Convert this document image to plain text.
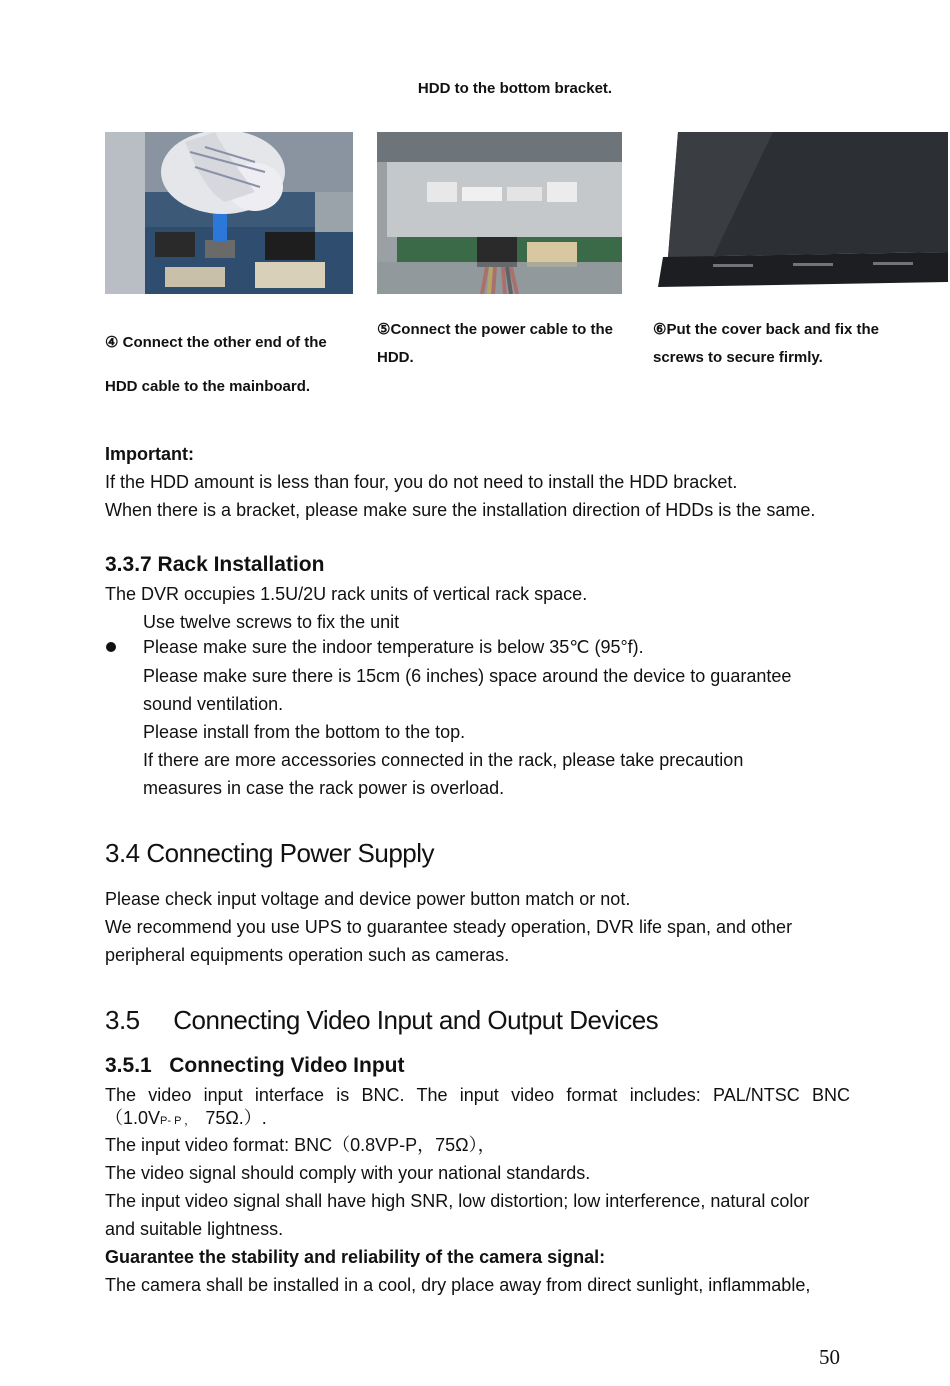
HDD to the bottom bracket.
④ Connect the other end of the
HDD cable to the mainboard.
⑤Connect the power cable to the
HDD.
⑥Put the cover back and fix the
screws to secure firmly.
Important:
If the HDD amount is less than four, you do not need to install the HDD bracket.
When there is a bracket, please make sure the installation direction of HDDs is the same.
3.3.7 Rack Installation
The DVR occupies 1.5U/2U rack units of vertical rack space.
Use twelve screws to fix the unit
Please make sure the indoor temperature is below 35℃ (95°f).
Please make sure there is 15cm (6 inches) space around the device to guarantee
sound ventilation.
Please install from the bottom to the top.
If there are more accessories connected in the rack, please take precaution
measures in case the rack power is overload.
3.4 Connecting Power Supply
Please check input voltage and device power button match or not.
We recommend you use UPS to guarantee steady operation, DVR life span, and other
peripheral equipments operation such as cameras.
3.5     Connecting Video Input and Output Devices
3.5.1   Connecting Video Input
The video input interface is BNC. The input video format includes: PAL/NTSC BNC
（1.0VP- P ， 75Ω.）.
The input video format: BNC（0.8VP-P，75Ω），
The video signal should comply with your national standards.
The input video signal shall have high SNR, low distortion; low interference, natural color
and suitable lightness.
Guarantee the stability and reliability of the camera signal:
The camera shall be installed in a cool, dry place away from direct sunlight, inflammable,
50
